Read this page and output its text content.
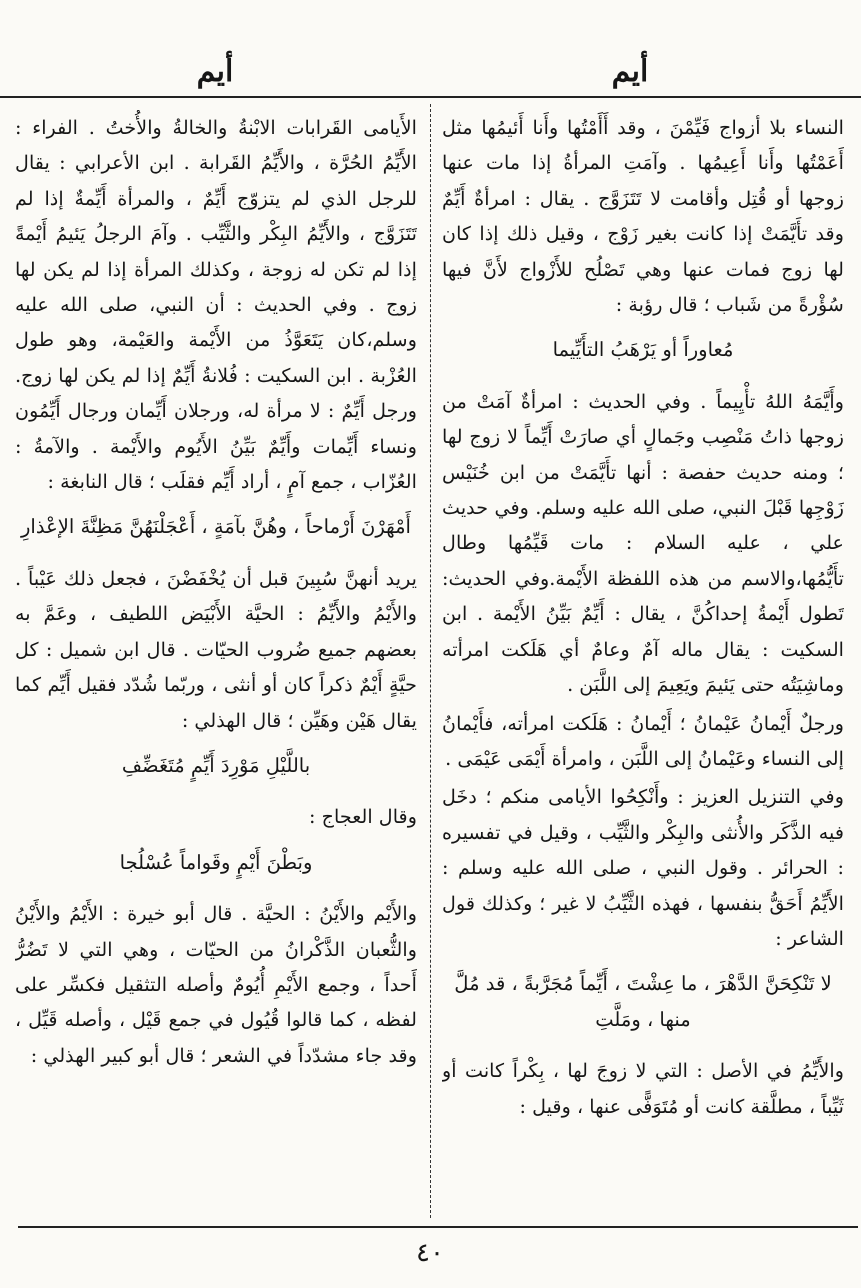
أيم
أيم

النساء بلا أزواج فَيِّمْنَ ، وقد أَأَمْتُها وأَنا أَئيمُها مثل أَعَمْتُها وأَنا أَعِيمُها . وآمَتِ المرأةُ إذا مات عنها زوجها أو قُتِل وأقامت لا تَتَزَوَّج . يقال : امرأةٌ أَيِّمٌ وقد تأَيَّمَتْ إذا كانت بغير زَوْج ، وقيل ذلك إذا كان لها زوج فمات عنها وهي تَصْلُح للأَزْواج لأَنَّ فيها سُؤْرةً من شَباب ؛ قال رؤبة :

مُعاوراً أو يَرْهَبُ التأَيِّيما

وأَيَّمَهُ اللهُ تأْيِيماً . وفي الحديث : امرأةٌ آمَتْ من زوجها ذاتُ مَنْصِب وجَمالٍ أي صارَتْ أَيِّماً لا زوج لها ؛ ومنه حديث حفصة : أنها تأَيَّمَتْ من ابن خُنَيْس زَوْجِها قَبْلَ النبي، صلى الله عليه وسلم. وفي حديث علي ، عليه السلام : مات قَيِّمُها وطال تأَيُّمُها،والاسم من هذه اللفظة الأَيْمة.وفي الحديث: تَطول أَيْمةُ إحداكُنَّ ، يقال : أَيِّمٌ بَيِّنُ الأَيْمة . ابن السكيت : يقال ماله آمٌ وعامٌ أي هَلَكت امرأته وماشِيَتُه حتى يَئيمَ ويَعِيمَ إلى اللَّبَن .

ورجلٌ أَيْمانُ عَيْمانُ ؛ أَيْمانُ : هَلَكت امرأته، فأَيْمانُ إلى النساء وعَيْمانُ إلى اللَّبَن ، وامرأة أَيْمَى عَيْمَى .

وفي التنزيل العزيز : وأَنْكِحُوا الأيامى منكم ؛ دخَل فيه الذَّكَر والأُنثى والبِكْر والثَّيِّب ، وقيل في تفسيره : الحرائر . وقول النبي ، صلى الله عليه وسلم : الأَيِّمُ أَحَقُّ بنفسها ، فهذه الثَّيِّبُ لا غير ؛ وكذلك قول الشاعر :

لا تَنْكِحَنَّ الدَّهْرَ ، ما عِشْتَ ، أَيِّماً مُجَرَّبةً ، قد مُلَّ منها ، ومَلَّتِ

والأَيِّمُ في الأصل : التي لا زوجَ لها ، بِكْراً كانت أو ثَيِّباً ، مطلَّقة كانت أو مُتَوَفًّى عنها ، وقيل :

الأَيامى القَرابات الابْنةُ والخالةُ والأُختُ . الفراء : الأَيِّمُ الحُرَّة ، والأَيِّمُ القَرابة . ابن الأعرابي : يقال للرجل الذي لم يتزوّج أَيِّمٌ ، والمرأة أَيِّمةٌ إذا لم تَتَزَوَّج ، والأَيِّمُ البِكْر والثَّيِّب . وآمَ الرجلُ يَئيمُ أَيْمةً إذا لم تكن له زوجة ، وكذلك المرأة إذا لم يكن لها زوج . وفي الحديث : أن النبي، صلى الله عليه وسلم،كان يَتَعَوَّذُ من الأَيْمة والعَيْمة، وهو طول العُزْبة . ابن السكيت : فُلانةُ أَيِّمٌ إذا لم يكن لها زوج. ورجل أَيِّمٌ : لا مرأة له، ورجلان أَيِّمان ورجال أَيِّمُون ونساء أَيِّمات وأَيِّمٌ بَيِّنُ الأَيُوم والأَيْمة . والآمةُ : العُزّاب ، جمع آمٍ ، أراد أَيِّم فقلَب ؛ قال النابغة :

أَمْهَرْنَ أَرْماحاً ، وهُنَّ بآمَةٍ ، أَعْجَلْنَهُنَّ مَظِنَّةَ الإعْذارِ

يريد أنهنَّ سُبِينَ قبل أن يُخْفَضْنَ ، فجعل ذلك عَيْباً . والأَيْمُ والأَيِّمُ : الحيَّة الأَبْيَض اللطيف ، وعَمَّ به بعضهم جميع ضُروب الحيّات . قال ابن شميل : كل حيَّةٍ أَيْمٌ ذكراً كان أو أنثى ، وربّما شُدّد فقيل أَيِّم كما يقال هَيْن وهَيِّن ؛ قال الهذلي :

باللَّيْلِ مَوْرِدَ أَيِّمٍ مُتَغَضِّفِ

وقال العجاج :

وبَطْنَ أَيْمٍ وقَواماً عُسْلُجا

والأَيْم والأَيْنُ : الحيَّة . قال أبو خيرة : الأَيْمُ والأَيْنُ والثُّعبان الذَّكْرانُ من الحيّات ، وهي التي لا تَضُرُّ أَحداً ، وجمع الأَيْمِ أُيُومٌ وأصله التثقيل فكسِّر على لفظه ، كما قالوا قُيُول في جمع قَيْل ، وأصله قَيِّل ، وقد جاء مشدّداً في الشعر ؛ قال أبو كبير الهذلي :

٤٠
